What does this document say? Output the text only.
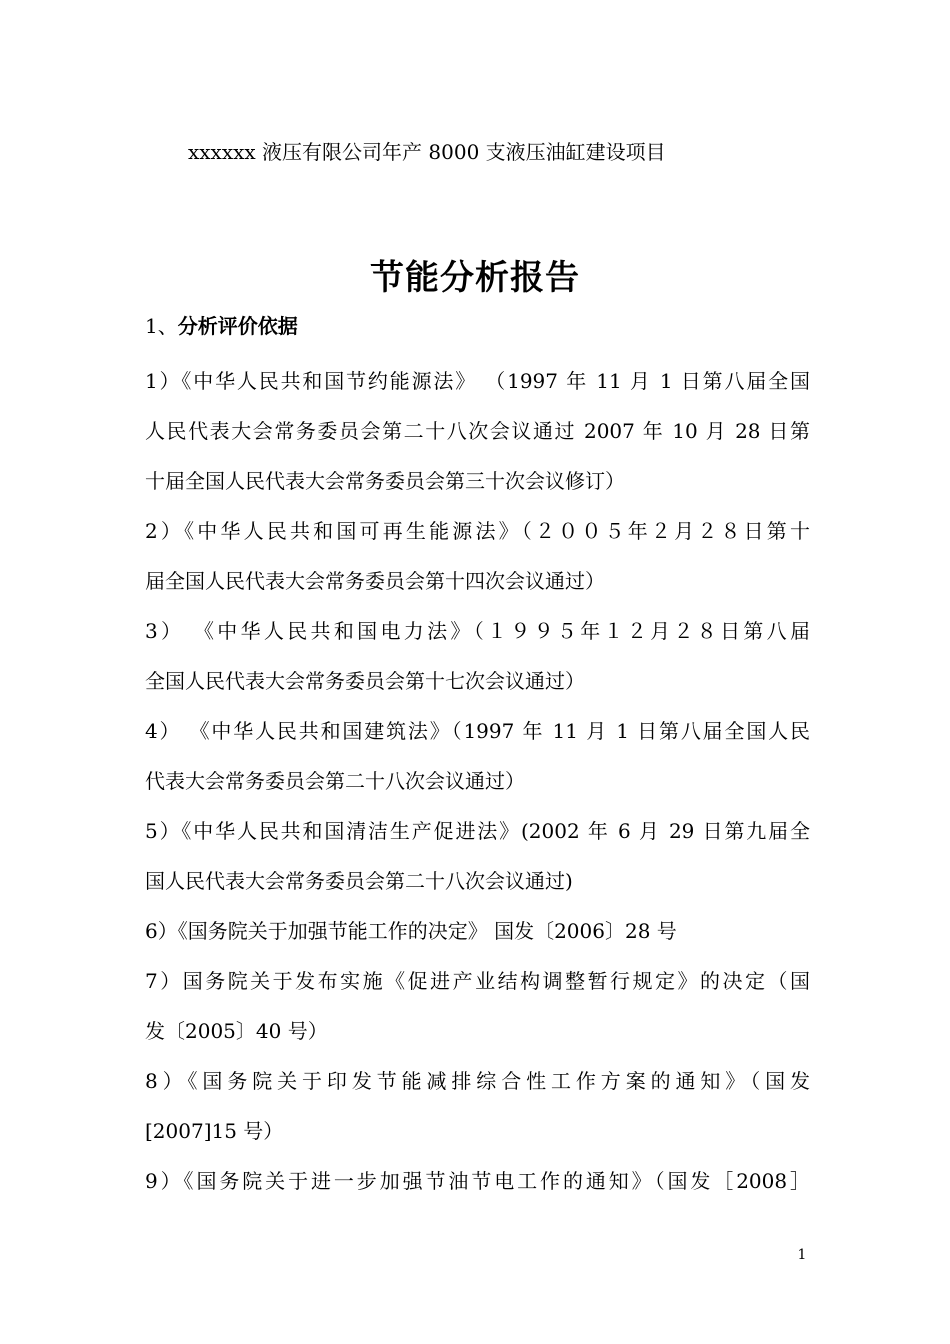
xxxxxx 液压有限公司年产 8000 支液压油缸建设项目
节能分析报告
1、分析评价依据
1）《中华人民共和国节约能源法》 （1997 年 11 月 1 日第八届全国
人民代表大会常务委员会第二十八次会议通过 2007 年 10 月 28 日第
十届全国人民代表大会常务委员会第三十次会议修订）
2）《中华人民共和国可再生能源法》（２００５年２月２８日第十
届全国人民代表大会常务委员会第十四次会议通过）
3） 《中华人民共和国电力法》（１９９５年１２月２８日第八届
全国人民代表大会常务委员会第十七次会议通过）
4） 《中华人民共和国建筑法》（1997 年 11 月 1 日第八届全国人民
代表大会常务委员会第二十八次会议通过）
5）《中华人民共和国清洁生产促进法》(2002 年 6 月 29 日第九届全
国人民代表大会常务委员会第二十八次会议通过)
6）《国务院关于加强节能工作的决定》 国发〔2006〕28 号
7）国务院关于发布实施《促进产业结构调整暂行规定》的决定（国
发〔2005〕40 号）
8）《国务院关于印发节能减排综合性工作方案的通知》（国发
[2007]15 号）
9）《国务院关于进一步加强节油节电工作的通知》（国发［2008］
1
